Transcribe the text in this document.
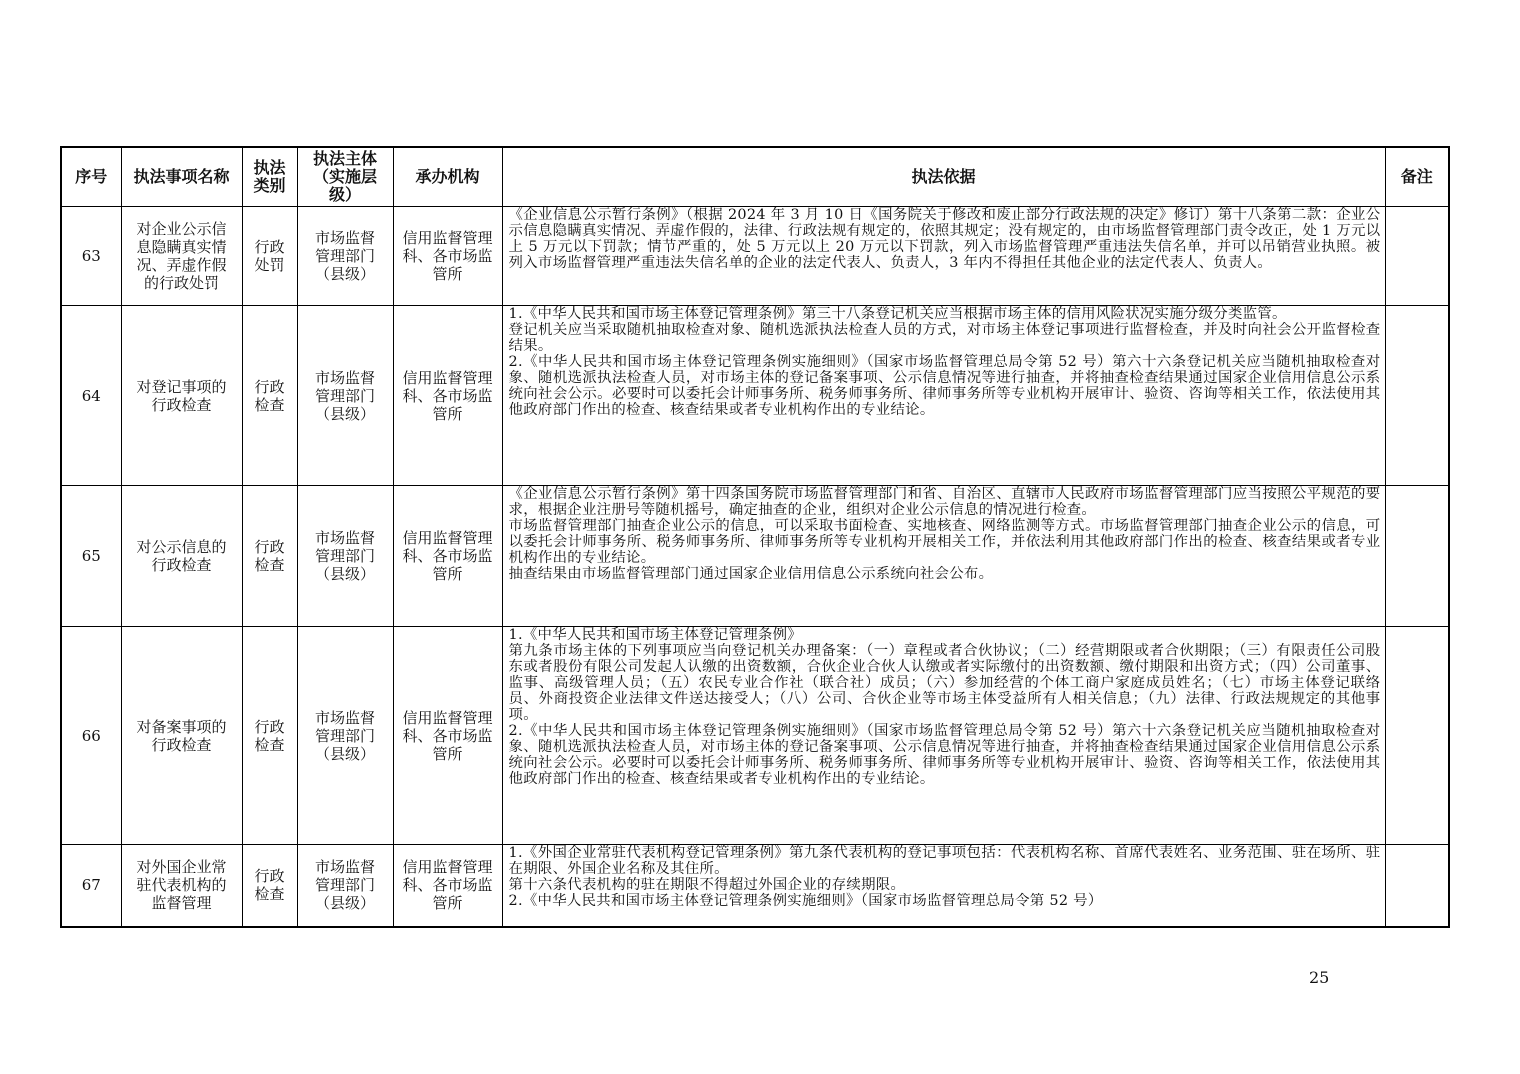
序号	执法事项名称	执法类别	执法主体（实施层级）	承办机构	执法依据	备注
63	对企业公示信息隐瞒真实情况、弄虚作假的行政处罚	行政处罚	市场监督管理部门（县级）	信用监督管理科、各市场监管所	《企业信息公示暂行条例》（根据 2024 年 3 月 10 日《国务院关于修改和废止部分行政法规的决定》修订）第十八条第二款：企业公示信息隐瞒真实情况、弄虚作假的，法律、行政法规有规定的，依照其规定；没有规定的，由市场监督管理部门责令改正，处 1 万元以上 5 万元以下罚款；情节严重的，处 5 万元以上 20 万元以下罚款，列入市场监督管理严重违法失信名单，并可以吊销营业执照。被列入市场监督管理严重违法失信名单的企业的法定代表人、负责人，3 年内不得担任其他企业的法定代表人、负责人。	

64	对登记事项的行政检查	行政检查	市场监督管理部门（县级）	信用监督管理科、各市场监管所	1.《中华人民共和国市场主体登记管理条例》第三十八条登记机关应当根据市场主体的信用风险状况实施分级分类监管。
登记机关应当采取随机抽取检查对象、随机选派执法检查人员的方式，对市场主体登记事项进行监督检查，并及时向社会公开监督检查结果。
2.《中华人民共和国市场主体登记管理条例实施细则》（国家市场监督管理总局令第 52 号）第六十六条登记机关应当随机抽取检查对象、随机选派执法检查人员，对市场主体的登记备案事项、公示信息情况等进行抽查，并将抽查检查结果通过国家企业信用信息公示系统向社会公示。必要时可以委托会计师事务所、税务师事务所、律师事务所等专业机构开展审计、验资、咨询等相关工作，依法使用其他政府部门作出的检查、核查结果或者专业机构作出的专业结论。	

65	对公示信息的行政检查	行政检查	市场监督管理部门（县级）	信用监督管理科、各市场监管所	《企业信息公示暂行条例》第十四条国务院市场监督管理部门和省、自治区、直辖市人民政府市场监督管理部门应当按照公平规范的要求，根据企业注册号等随机摇号，确定抽查的企业，组织对企业公示信息的情况进行检查。
市场监督管理部门抽查企业公示的信息，可以采取书面检查、实地核查、网络监测等方式。市场监督管理部门抽查企业公示的信息，可以委托会计师事务所、税务师事务所、律师事务所等专业机构开展相关工作，并依法利用其他政府部门作出的检查、核查结果或者专业机构作出的专业结论。
抽查结果由市场监督管理部门通过国家企业信用信息公示系统向社会公布。	

66	对备案事项的行政检查	行政检查	市场监督管理部门（县级）	信用监督管理科、各市场监管所	1.《中华人民共和国市场主体登记管理条例》
第九条市场主体的下列事项应当向登记机关办理备案：（一）章程或者合伙协议；（二）经营期限或者合伙期限；（三）有限责任公司股东或者股份有限公司发起人认缴的出资数额，合伙企业合伙人认缴或者实际缴付的出资数额、缴付期限和出资方式；（四）公司董事、监事、高级管理人员；（五）农民专业合作社（联合社）成员；（六）参加经营的个体工商户家庭成员姓名；（七）市场主体登记联络员、外商投资企业法律文件送达接受人；（八）公司、合伙企业等市场主体受益所有人相关信息；（九）法律、行政法规规定的其他事项。
2.《中华人民共和国市场主体登记管理条例实施细则》（国家市场监督管理总局令第 52 号）第六十六条登记机关应当随机抽取检查对象、随机选派执法检查人员，对市场主体的登记备案事项、公示信息情况等进行抽查，并将抽查检查结果通过国家企业信用信息公示系统向社会公示。必要时可以委托会计师事务所、税务师事务所、律师事务所等专业机构开展审计、验资、咨询等相关工作，依法使用其他政府部门作出的检查、核查结果或者专业机构作出的专业结论。	

67	对外国企业常驻代表机构的监督管理	行政检查	市场监督管理部门（县级）	信用监督管理科、各市场监管所	1.《外国企业常驻代表机构登记管理条例》第九条代表机构的登记事项包括：代表机构名称、首席代表姓名、业务范围、驻在场所、驻在期限、外国企业名称及其住所。
第十六条代表机构的驻在期限不得超过外国企业的存续期限。
2.《中华人民共和国市场主体登记管理条例实施细则》（国家市场监督管理总局令第 52 号）	

25
